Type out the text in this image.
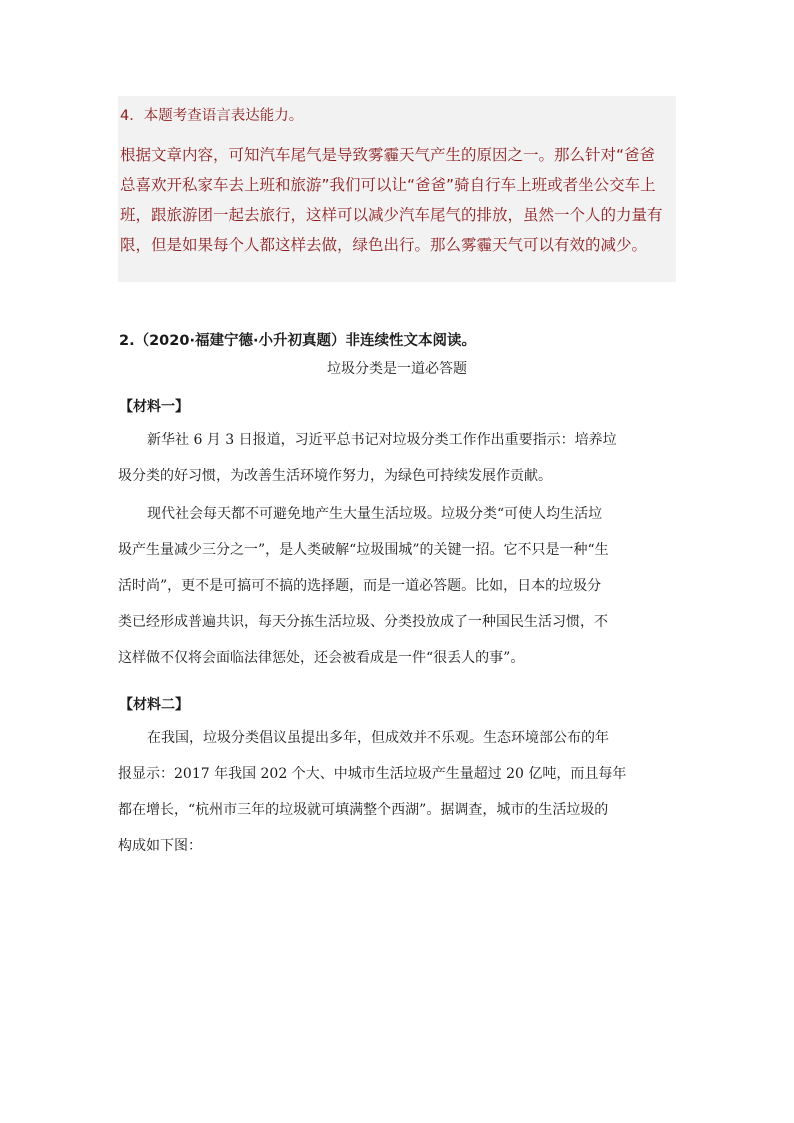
4．本题考查语言表达能力。
根据文章内容，可知汽车尾气是导致雾霾天气产生的原因之一。那么针对“爸爸
总喜欢开私家车去上班和旅游”我们可以让“爸爸”骑自行车上班或者坐公交车上
班，跟旅游团一起去旅行，这样可以减少汽车尾气的排放，虽然一个人的力量有
限，但是如果每个人都这样去做，绿色出行。那么雾霾天气可以有效的减少。
2.（2020·福建宁德·小升初真题）非连续性文本阅读。
垃圾分类是一道必答题
【材料一】
新华社 6 月 3 日报道，习近平总书记对垃圾分类工作作出重要指示：培养垃
圾分类的好习惯，为改善生活环境作努力，为绿色可持续发展作贡献。
现代社会每天都不可避免地产生大量生活垃圾。垃圾分类“可使人均生活垃
圾产生量减少三分之一”，是人类破解“垃圾围城”的关键一招。它不只是一种“生
活时尚”，更不是可搞可不搞的选择题，而是一道必答题。比如，日本的垃圾分
类已经形成普遍共识，每天分拣生活垃圾、分类投放成了一种国民生活习惯，不
这样做不仅将会面临法律惩处，还会被看成是一件“很丢人的事”。
【材料二】
在我国，垃圾分类倡议虽提出多年，但成效并不乐观。生态环境部公布的年
报显示：2017 年我国 202 个大、中城市生活垃圾产生量超过 20 亿吨，而且每年
都在增长，“杭州市三年的垃圾就可填满整个西湖”。据调查，城市的生活垃圾的
构成如下图：
